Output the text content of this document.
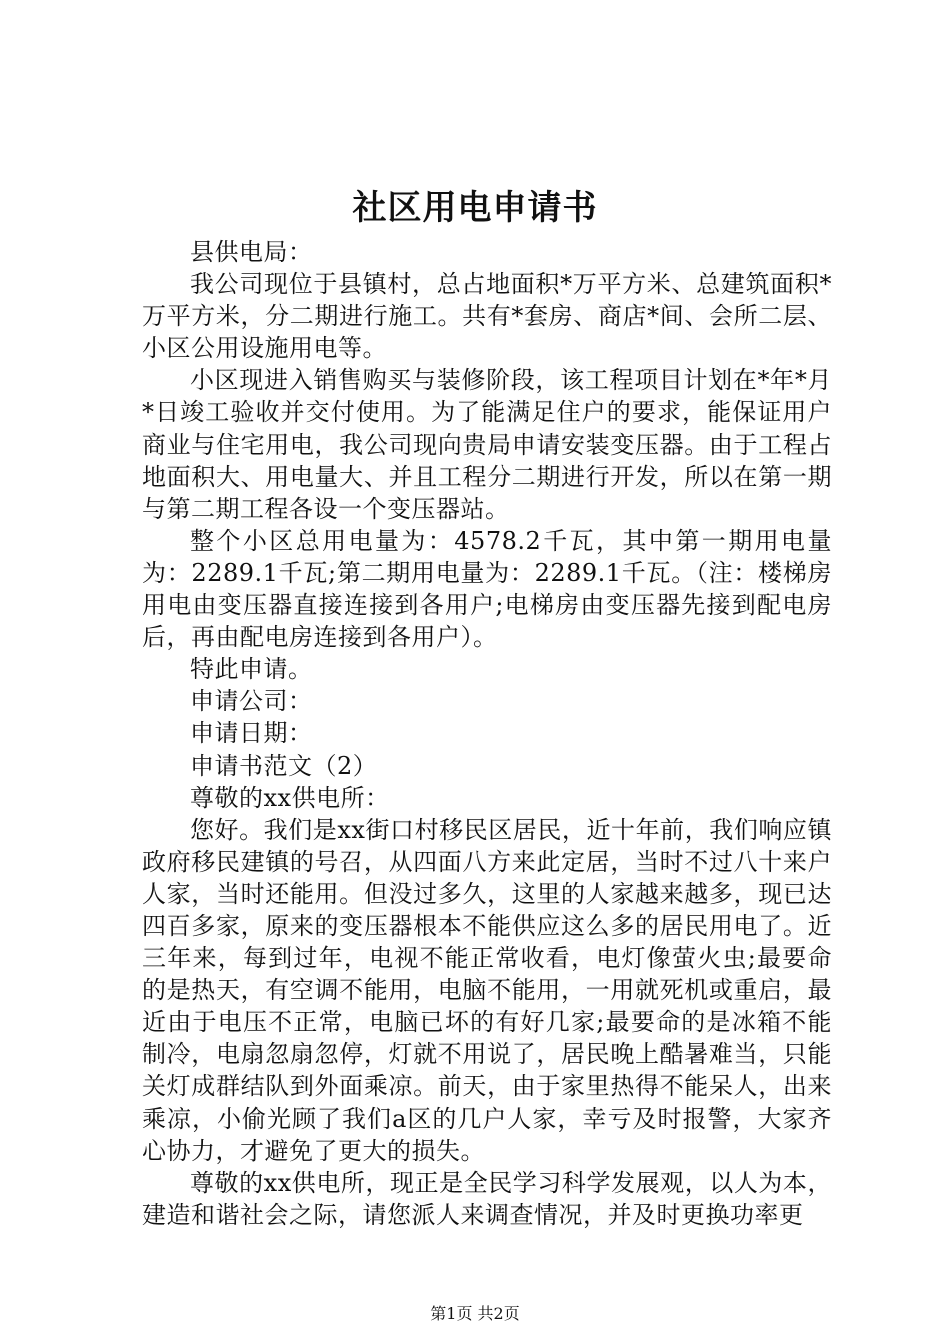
社区用电申请书

县供电局：

我公司现位于县镇村，总占地面积*万平方米、总建筑面积*万平方米，分二期进行施工。共有*套房、商店*间、会所二层、小区公用设施用电等。

小区现进入销售购买与装修阶段，该工程项目计划在*年*月*日竣工验收并交付使用。为了能满足住户的要求，能保证用户商业与住宅用电，我公司现向贵局申请安装变压器。由于工程占地面积大、用电量大、并且工程分二期进行开发，所以在第一期与第二期工程各设一个变压器站。

整个小区总用电量为：4578.2千瓦，其中第一期用电量为：2289.1千瓦;第二期用电量为：2289.1千瓦。（注：楼梯房用电由变压器直接连接到各用户;电梯房由变压器先接到配电房后，再由配电房连接到各用户）。

特此申请。

申请公司：

申请日期：

申请书范文（2）

尊敬的xx供电所：

您好。我们是xx街口村移民区居民，近十年前，我们响应镇政府移民建镇的号召，从四面八方来此定居，当时不过八十来户人家，当时还能用。但没过多久，这里的人家越来越多，现已达四百多家，原来的变压器根本不能供应这么多的居民用电了。近三年来，每到过年，电视不能正常收看，电灯像萤火虫;最要命的是热天，有空调不能用，电脑不能用，一用就死机或重启，最近由于电压不正常，电脑已坏的有好几家;最要命的是冰箱不能制冷，电扇忽扇忽停，灯就不用说了，居民晚上酷暑难当，只能关灯成群结队到外面乘凉。前天，由于家里热得不能呆人，出来乘凉，小偷光顾了我们a区的几户人家，幸亏及时报警，大家齐心协力，才避免了更大的损失。

尊敬的xx供电所，现正是全民学习科学发展观，以人为本，建造和谐社会之际，请您派人来调查情况，并及时更换功率更

第1页 共2页
